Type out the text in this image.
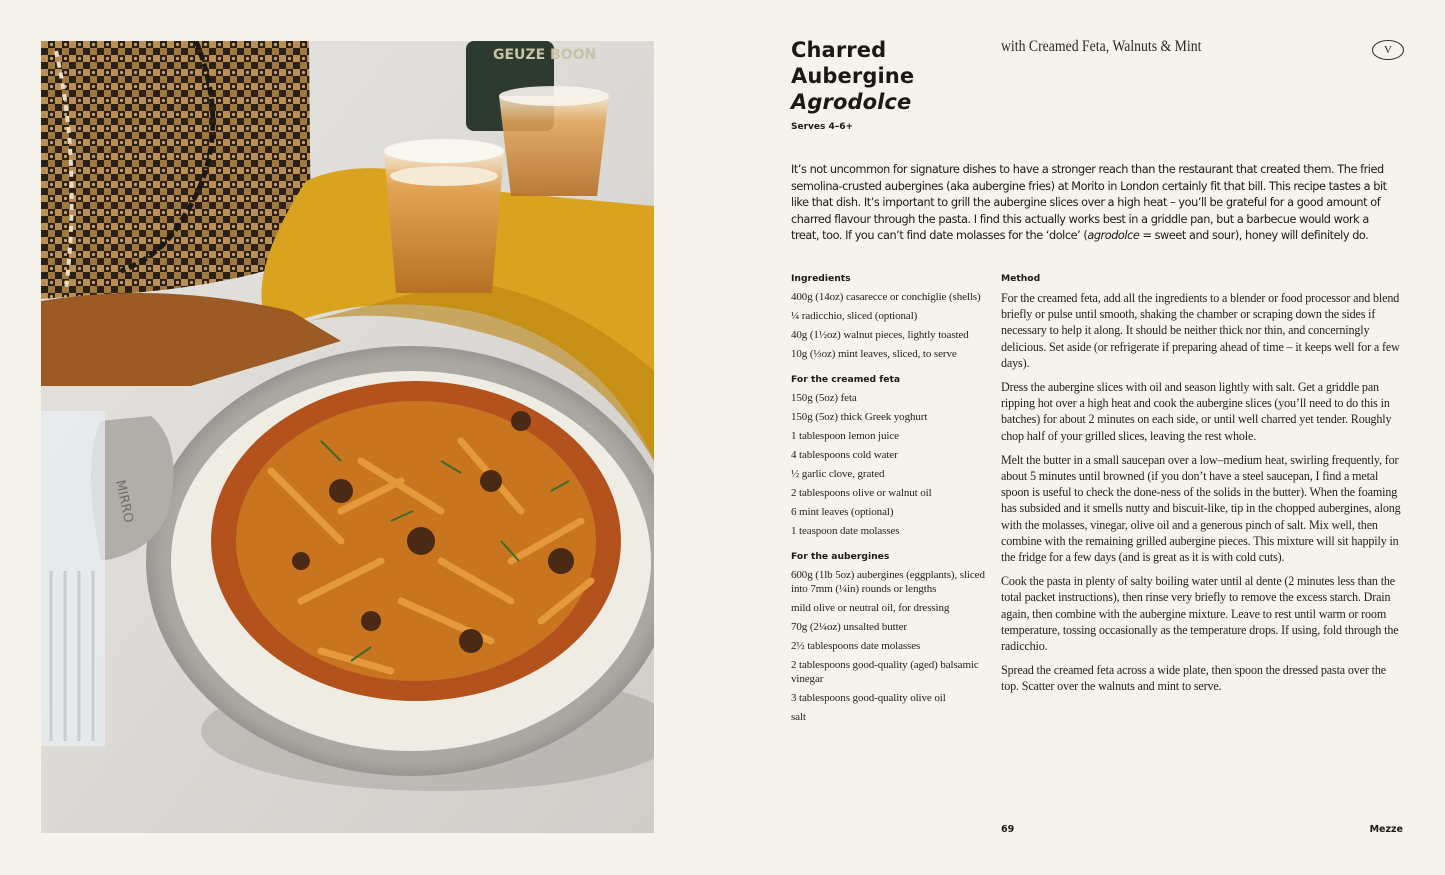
GEUZE BOON
MIRRO
Charred
Aubergine
Agrodolce
with Creamed Feta, Walnuts & Mint	V
Serves 4–6+

It’s not uncommon for signature dishes to have a stronger reach than the restaurant that created them. The fried semolina-crusted aubergines (aka aubergine fries) at Morito in London certainly fit that bill. This recipe tastes a bit like that dish. It’s important to grill the aubergine slices over a high heat – you’ll be grateful for a good amount of charred flavour through the pasta. I find this actually works best in a griddle pan, but a barbecue would work a treat, too. If you can’t find date molasses for the ‘dolce’ (agrodolce = sweet and sour), honey will definitely do.

Ingredients
400g (14oz) casarecce or conchiglie (shells)
¼ radicchio, sliced (optional)
40g (1½oz) walnut pieces, lightly toasted
10g (⅓oz) mint leaves, sliced, to serve
For the creamed feta
150g (5oz) feta
150g (5oz) thick Greek yoghurt
1 tablespoon lemon juice
4 tablespoons cold water
½ garlic clove, grated
2 tablespoons olive or walnut oil
6 mint leaves (optional)
1 teaspoon date molasses
For the aubergines
600g (1lb 5oz) aubergines (eggplants), sliced into 7mm (¼in) rounds or lengths
mild olive or neutral oil, for dressing
70g (2¼oz) unsalted butter
2½ tablespoons date molasses
2 tablespoons good-quality (aged) balsamic vinegar
3 tablespoons good-quality olive oil
salt
Method

For the creamed feta, add all the ingredients to a blender or food processor and blend briefly or pulse until smooth, shaking the chamber or scraping down the sides if necessary to help it along. It should be neither thick nor thin, and concerningly delicious. Set aside (or refrigerate if preparing ahead of time – it keeps well for a few days).

Dress the aubergine slices with oil and season lightly with salt. Get a griddle pan ripping hot over a high heat and cook the aubergine slices (you’ll need to do this in batches) for about 2 minutes on each side, or until well charred yet tender. Roughly chop half of your grilled slices, leaving the rest whole.

Melt the butter in a small saucepan over a low–medium heat, swirling frequently, for about 5 minutes until browned (if you don’t have a steel saucepan, I find a metal spoon is useful to check the done-ness of the solids in the butter). When the foaming has subsided and it smells nutty and biscuit-like, tip in the chopped aubergines, along with the molasses, vinegar, olive oil and a generous pinch of salt. Mix well, then combine with the remaining grilled aubergine pieces. This mixture will sit happily in the fridge for a few days (and is great as it is with cold cuts).

Cook the pasta in plenty of salty boiling water until al dente (2 minutes less than the total packet instructions), then rinse very briefly to remove the excess starch. Drain again, then combine with the aubergine mixture. Leave to rest until warm or room temperature, tossing occasionally as the temperature drops. If using, fold through the radicchio.

Spread the creamed feta across a wide plate, then spoon the dressed pasta over the top. Scatter over the walnuts and mint to serve.

69	Mezze
